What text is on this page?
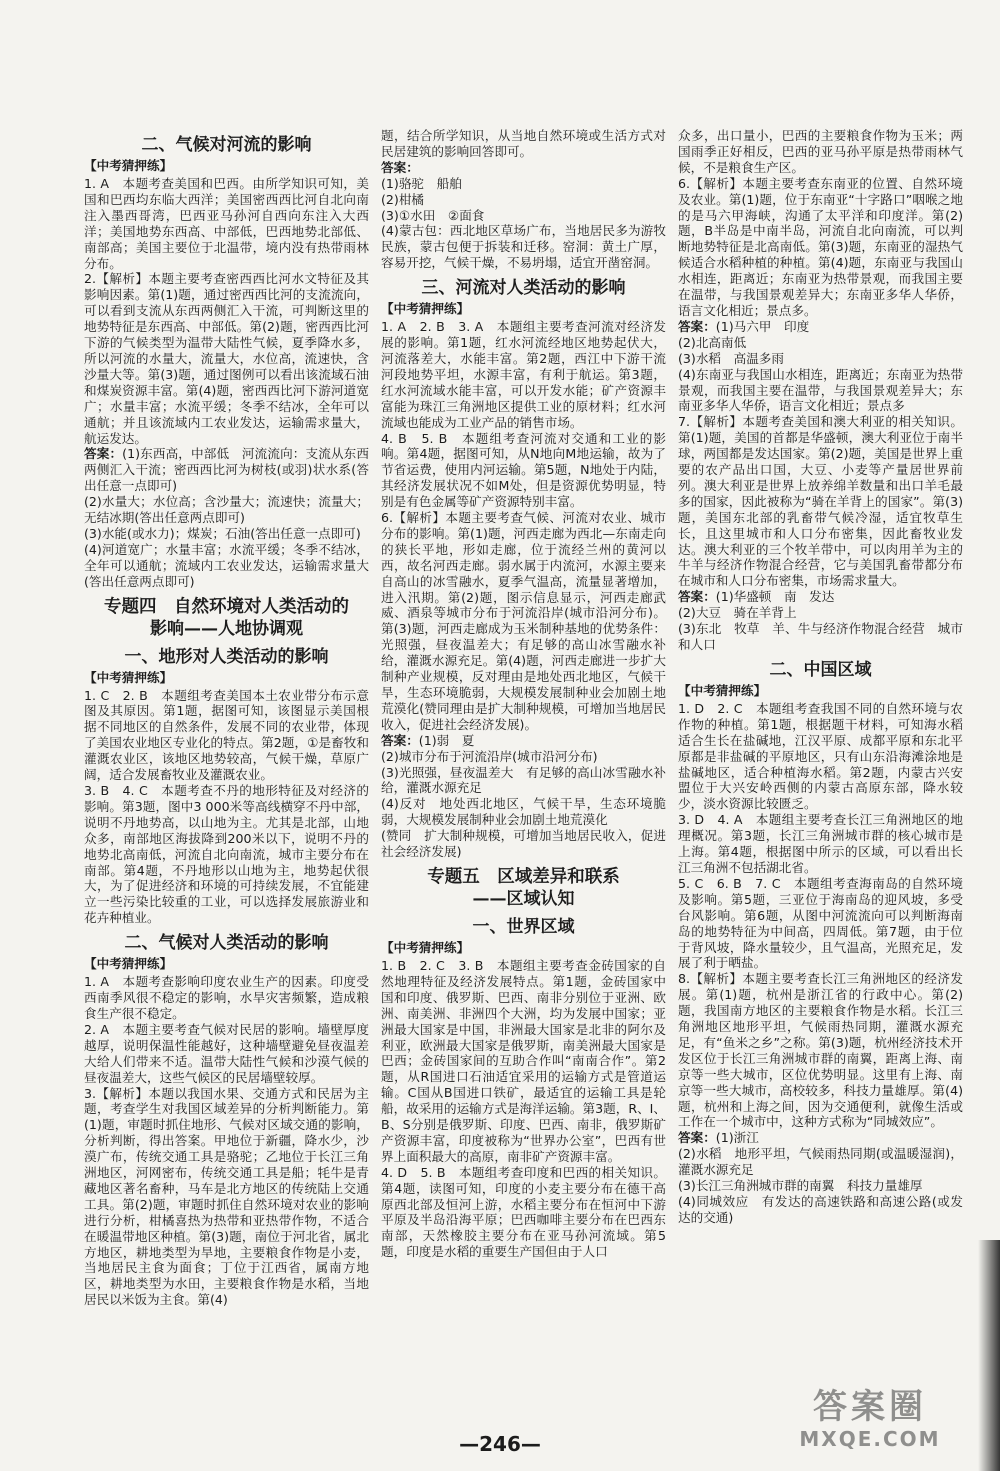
二、气候对河流的影响
【中考猜押练】

1. A　本题考查美国和巴西。由所学知识可知，美国和巴西均东临大西洋；美国密西西比河自北向南注入墨西哥湾，巴西亚马孙河自西向东注入大西洋；美国地势东西高、中部低，巴西地势北部低、南部高；美国主要位于北温带，境内没有热带雨林分布。

2.【解析】本题主要考查密西西比河水文特征及其影响因素。第(1)题，通过密西西比河的支流流向，可以看到支流从东西两侧汇入干流，可判断这里的地势特征是东西高、中部低。第(2)题，密西西比河下游的气候类型为温带大陆性气候，夏季降水多，所以河流的水量大，流量大，水位高，流速快，含沙量大等。第(3)题，通过图例可以看出该流域石油和煤炭资源丰富。第(4)题，密西西比河下游河道宽广；水量丰富；水流平缓；冬季不结冰，全年可以通航；并且该流域内工农业发达，运输需求量大，航运发达。

答案：(1)东西高，中部低　河流流向：支流从东西两侧汇入干流；密西西比河为树枝(或羽)状水系(答出任意一点即可)

(2)水量大；水位高；含沙量大；流速快；流量大；无结冰期(答出任意两点即可)

(3)水能(或水力)；煤炭；石油(答出任意一点即可)

(4)河道宽广；水量丰富；水流平缓；冬季不结冰，全年可以通航；流域内工农业发达，运输需求量大(答出任意两点即可)

专题四　自然环境对人类活动的
影响——人地协调观
一、地形对人类活动的影响
【中考猜押练】

1. C　2. B　本题组考查美国本土农业带分布示意图及其原因。第1题，据图可知，该图显示美国根据不同地区的自然条件，发展不同的农业带，体现了美国农业地区专业化的特点。第2题，①是畜牧和灌溉农业区，该地区地势较高，气候干燥，草原广阔，适合发展畜牧业及灌溉农业。

3. B　4. C　本题考查不丹的地形特征及对经济的影响。第3题，图中3 000米等高线横穿不丹中部，说明不丹地势高，以山地为主。尤其是北部，山地众多，南部地区海拔降到200米以下，说明不丹的地势北高南低，河流自北向南流，城市主要分布在南部。第4题，不丹地形以山地为主，地势起伏很大，为了促进经济和环境的可持续发展，不宜能建立一些污染比较重的工业，可以选择发展旅游业和花卉种植业。

二、气候对人类活动的影响
【中考猜押练】

1. A　本题考查影响印度农业生产的因素。印度受西南季风很不稳定的影响，水旱灾害频繁，造成粮食生产很不稳定。

2. A　本题主要考查气候对民居的影响。墙壁厚度越厚，说明保温性能越好，这种墙壁避免昼夜温差大给人们带来不适。温带大陆性气候和沙漠气候的昼夜温差大，这些气候区的民居墙壁较厚。

3.【解析】本题以我国水果、交通方式和民居为主题，考查学生对我国区域差异的分析判断能力。第(1)题，审题时抓住地形、气候对区域交通的影响，分析判断，得出答案。甲地位于新疆，降水少，沙漠广布，传统交通工具是骆驼；乙地位于长江三角洲地区，河网密布，传统交通工具是船；牦牛是青藏地区著名畜种，马车是北方地区的传统陆上交通工具。第(2)题，审题时抓住自然环境对农业的影响进行分析，柑橘喜热为热带和亚热带作物，不适合在暖温带地区种植。第(3)题，南位于河北省，属北方地区，耕地类型为旱地，主要粮食作物是小麦，当地居民主食为面食；丁位于江西省，属南方地区，耕地类型为水田，主要粮食作物是水稻，当地居民以米饭为主食。第(4)

题，结合所学知识，从当地自然环境或生活方式对民居建筑的影响回答即可。

答案：

(1)骆驼　船舶

(2)柑橘

(3)①水田　②面食

(4)蒙古包：西北地区草场广布，当地居民多为游牧民族，蒙古包便于拆装和迁移。窑洞：黄土广厚，容易开挖，气候干燥，不易坍塌，适宜开凿窑洞。

三、河流对人类活动的影响
【中考猜押练】

1. A　2. B　3. A　本题组主要考查河流对经济发展的影响。第1题，红水河流经地区地势起伏大，河流落差大，水能丰富。第2题，西江中下游干流河段地势平坦，水源丰富，有利于航运。第3题，红水河流域水能丰富，可以开发水能；矿产资源丰富能为珠江三角洲地区提供工业的原材料；红水河流域也能成为工业产品的销售市场。

4. B　5. B　本题组考查河流对交通和工业的影响。第4题，据图可知，从N地向M地运输，故为了节省运费，使用内河运输。第5题，N地处于内陆，其经济发展状况不如M处，但是资源优势明显，特别是有色金属等矿产资源特别丰富。

6.【解析】本题主要考查气候、河流对农业、城市分布的影响。第(1)题，河西走廊为西北—东南走向的狭长平地，形如走廊，位于流经兰州的黄河以西，故名河西走廊。弱水属于内流河，水源主要来自高山的冰雪融水，夏季气温高，流量显著增加，进入汛期。第(2)题，图示信息显示，河西走廊武威、酒泉等城市分布于河流沿岸(城市沿河分布)。第(3)题，河西走廊成为玉米制种基地的优势条件：光照强，昼夜温差大；有足够的高山冰雪融水补给，灌溉水源充足。第(4)题，河西走廊进一步扩大制种产业规模，反对理由是地处西北地区，气候干旱，生态环境脆弱，大规模发展制种业会加剧土地荒漠化(赞同理由是扩大制种规模，可增加当地居民收入，促进社会经济发展)。

答案：(1)弱　夏

(2)城市分布于河流沿岸(城市沿河分布)

(3)光照强，昼夜温差大　有足够的高山冰雪融水补给，灌溉水源充足

(4)反对　地处西北地区，气候干旱，生态环境脆弱，大规模发展制种业会加剧土地荒漠化

(赞同　扩大制种规模，可增加当地居民收入，促进社会经济发展)

专题五　区域差异和联系
——区域认知
一、世界区域
【中考猜押练】

1. B　2. C　3. B　本题组主要考查金砖国家的自然地理特征及经济发展特点。第1题，金砖国家中国和印度、俄罗斯、巴西、南非分别位于亚洲、欧洲、南美洲、非洲四个大洲，均为发展中国家；亚洲最大国家是中国，非洲最大国家是北非的阿尔及利亚，欧洲最大国家是俄罗斯，南美洲最大国家是巴西；金砖国家间的互助合作叫“南南合作”。第2题，从R国进口石油适宜采用的运输方式是管道运输。C国从B国进口铁矿，最适宜的运输工具是轮船，故采用的运输方式是海洋运输。第3题，R、I、B、S分别是俄罗斯、印度、巴西、南非，俄罗斯矿产资源丰富，印度被称为“世界办公室”，巴西有世界上面积最大的高原，南非矿产资源丰富。

4. D　5. B　本题组考查印度和巴西的相关知识。第4题，读图可知，印度的小麦主要分布在德干高原西北部及恒河上游，水稻主要分布在恒河中下游平原及半岛沿海平原；巴西咖啡主要分布在巴西东南部，天然橡胶主要分布在亚马孙河流域。第5题，印度是水稻的重要生产国但由于人口

众多，出口量小，巴西的主要粮食作物为玉米；两国雨季正好相反，巴西的亚马孙平原是热带雨林气候，不是粮食生产区。

6.【解析】本题主要考查东南亚的位置、自然环境及农业。第(1)题，位于东南亚“十字路口”咽喉之地的是马六甲海峡，沟通了太平洋和印度洋。第(2)题，B半岛是中南半岛，河流自北向南流，可以判断地势特征是北高南低。第(3)题，东南亚的湿热气候适合水稻种植的种植。第(4)题，东南亚与我国山水相连，距离近；东南亚为热带景观，而我国主要在温带，与我国景观差异大；东南亚多华人华侨，语言文化相近；景点多。

答案：(1)马六甲　印度

(2)北高南低

(3)水稻　高温多雨

(4)东南亚与我国山水相连，距离近；东南亚为热带景观，而我国主要在温带，与我国景观差异大；东南亚多华人华侨，语言文化相近；景点多

7.【解析】本题考查美国和澳大利亚的相关知识。第(1)题，美国的首都是华盛顿，澳大利亚位于南半球，两国都是发达国家。第(2)题，美国是世界上重要的农产品出口国，大豆、小麦等产量居世界前列。澳大利亚是世界上放养绵羊数量和出口羊毛最多的国家，因此被称为“骑在羊背上的国家”。第(3)题，美国东北部的乳畜带气候冷湿，适宜牧草生长，且这里城市和人口分布密集，因此畜牧业发达。澳大利亚的三个牧羊带中，可以肉用羊为主的牛羊与经济作物混合经营，它与美国乳畜带都分布在城市和人口分布密集，市场需求量大。

答案：(1)华盛顿　南　发达

(2)大豆　骑在羊背上

(3)东北　牧草　羊、牛与经济作物混合经营　城市和人口

二、中国区域
【中考猜押练】

1. D　2. C　本题组考查我国不同的自然环境与农作物的种植。第1题，根据题干材料，可知海水稻适合生长在盐碱地，江汉平原、成都平原和东北平原都是非盐碱的平原地区，只有山东沿海滩涂地是盐碱地区，适合种植海水稻。第2题，内蒙古兴安盟位于大兴安岭西侧的内蒙古高原东部，降水较少，淡水资源比较匮乏。

3. D　4. A　本题组主要考查长江三角洲地区的地理概况。第3题，长江三角洲城市群的核心城市是上海。第4题，根据图中所示的区域，可以看出长江三角洲不包括湖北省。

5. C　6. B　7. C　本题组考查海南岛的自然环境及影响。第5题，三亚位于海南岛的迎风坡，多受台风影响。第6题，从图中河流流向可以判断海南岛的地势特征为中间高，四周低。第7题，由于位于背风坡，降水量较少，且气温高，光照充足，发展了利于晒盐。

8.【解析】本题主要考查长江三角洲地区的经济发展。第(1)题，杭州是浙江省的行政中心。第(2)题，我国南方地区的主要粮食作物是水稻。长江三角洲地区地形平坦，气候雨热同期，灌溉水源充足，有“鱼米之乡”之称。第(3)题，杭州经济技术开发区位于长江三角洲城市群的南翼，距离上海、南京等一些大城市，区位优势明显。这里有上海、南京等一些大城市，高校较多，科技力量雄厚。第(4)题，杭州和上海之间，因为交通便利，就像生活或工作在一个城市中，这种方式称为“同城效应”。

答案：(1)浙江

(2)水稻　地形平坦，气候雨热同期(或温暖湿润)，灌溉水源充足

(3)长江三角洲城市群的南翼　科技力量雄厚

(4)同城效应　有发达的高速铁路和高速公路(或发达的交通)

—246—
答案圈
MXQE.COM
